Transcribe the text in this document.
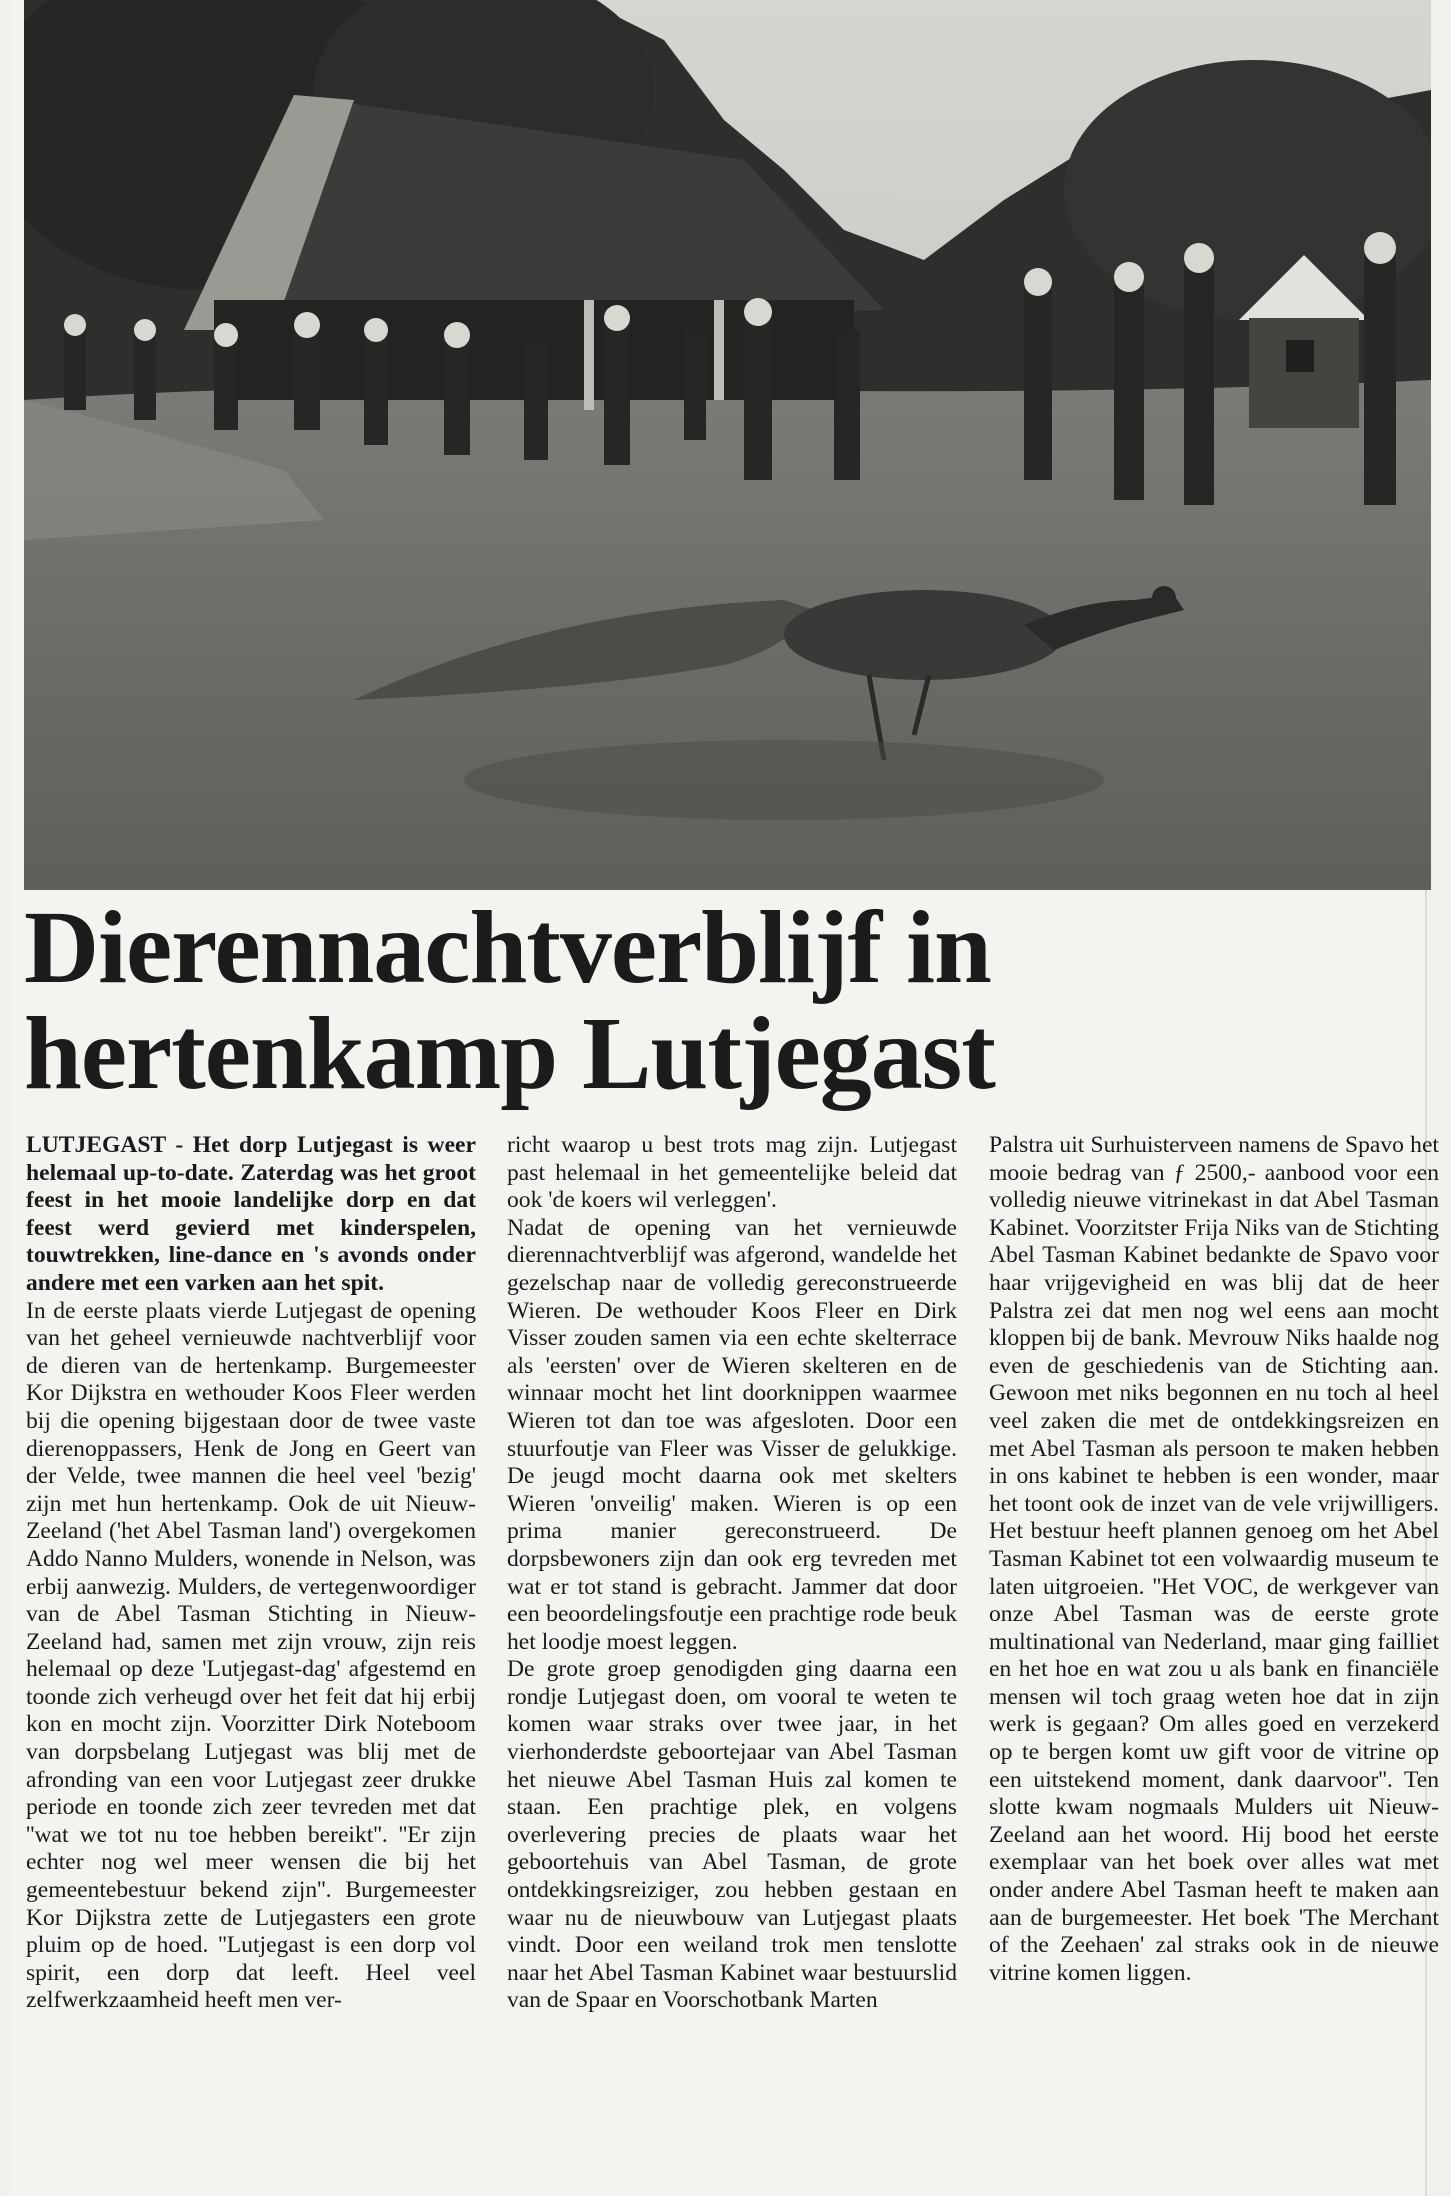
Dierennachtverblijf in
hertenkamp Lutjegast

LUTJEGAST - Het dorp Lutjegast is weer helemaal up-to-date. Zaterdag was het groot feest in het mooie landelijke dorp en dat feest werd gevierd met kinderspelen, touwtrekken, line-dance en 's avonds onder andere met een varken aan het spit.

In de eerste plaats vierde Lutjegast de opening van het geheel vernieuwde nachtverblijf voor de dieren van de hertenkamp. Burgemeester Kor Dijkstra en wethouder Koos Fleer werden bij die opening bijgestaan door de twee vaste dierenoppassers, Henk de Jong en Geert van der Velde, twee mannen die heel veel 'bezig' zijn met hun hertenkamp. Ook de uit Nieuw-Zeeland ('het Abel Tasman land') overgekomen Addo Nanno Mulders, wonende in Nelson, was erbij aanwezig. Mulders, de vertegenwoordiger van de Abel Tasman Stichting in Nieuw-Zeeland had, samen met zijn vrouw, zijn reis helemaal op deze 'Lutjegast-dag' afgestemd en toonde zich verheugd over het feit dat hij erbij kon en mocht zijn. Voorzitter Dirk Noteboom van dorpsbelang Lutjegast was blij met de afronding van een voor Lutjegast zeer drukke periode en toonde zich zeer tevreden met dat ''wat we tot nu toe hebben bereikt''. ''Er zijn echter nog wel meer wensen die bij het gemeentebestuur bekend zijn''. Burgemeester Kor Dijkstra zette de Lutjegasters een grote pluim op de hoed. ''Lutjegast is een dorp vol spirit, een dorp dat leeft. Heel veel zelfwerkzaamheid heeft men ver-

richt waarop u best trots mag zijn. Lutjegast past helemaal in het gemeentelijke beleid dat ook 'de koers wil verleggen'.

Nadat de opening van het vernieuwde dierennachtverblijf was afgerond, wandelde het gezelschap naar de volledig gereconstrueerde Wieren. De wethouder Koos Fleer en Dirk Visser zouden samen via een echte skelterrace als 'eersten' over de Wieren skelteren en de winnaar mocht het lint doorknippen waarmee Wieren tot dan toe was afgesloten. Door een stuurfoutje van Fleer was Visser de gelukkige. De jeugd mocht daarna ook met skelters Wieren 'onveilig' maken. Wieren is op een prima manier gereconstrueerd. De dorpsbewoners zijn dan ook erg tevreden met wat er tot stand is gebracht. Jammer dat door een beoordelingsfoutje een prachtige rode beuk het loodje moest leggen.

De grote groep genodigden ging daarna een rondje Lutjegast doen, om vooral te weten te komen waar straks over twee jaar, in het vierhonderdste geboortejaar van Abel Tasman het nieuwe Abel Tasman Huis zal komen te staan. Een prachtige plek, en volgens overlevering precies de plaats waar het geboortehuis van Abel Tasman, de grote ontdekkingsreiziger, zou hebben gestaan en waar nu de nieuwbouw van Lutjegast plaats vindt. Door een weiland trok men tenslotte naar het Abel Tasman Kabinet waar bestuurslid van de Spaar en Voorschotbank Marten

Palstra uit Surhuisterveen namens de Spavo het mooie bedrag van ƒ 2500,- aanbood voor een volledig nieuwe vitrinekast in dat Abel Tasman Kabinet. Voorzitster Frija Niks van de Stichting Abel Tasman Kabinet bedankte de Spavo voor haar vrijgevigheid en was blij dat de heer Palstra zei dat men nog wel eens aan mocht kloppen bij de bank. Mevrouw Niks haalde nog even de geschiedenis van de Stichting aan. Gewoon met niks begonnen en nu toch al heel veel zaken die met de ontdekkingsreizen en met Abel Tasman als persoon te maken hebben in ons kabinet te hebben is een wonder, maar het toont ook de inzet van de vele vrijwilligers. Het bestuur heeft plannen genoeg om het Abel Tasman Kabinet tot een volwaardig museum te laten uitgroeien. ''Het VOC, de werkgever van onze Abel Tasman was de eerste grote multinational van Nederland, maar ging failliet en het hoe en wat zou u als bank en financiële mensen wil toch graag weten hoe dat in zijn werk is gegaan? Om alles goed en verzekerd op te bergen komt uw gift voor de vitrine op een uitstekend moment, dank daarvoor''. Ten slotte kwam nogmaals Mulders uit Nieuw-Zeeland aan het woord. Hij bood het eerste exemplaar van het boek over alles wat met onder andere Abel Tasman heeft te maken aan aan de burgemeester. Het boek 'The Merchant of the Zeehaen' zal straks ook in de nieuwe vitrine komen liggen.
